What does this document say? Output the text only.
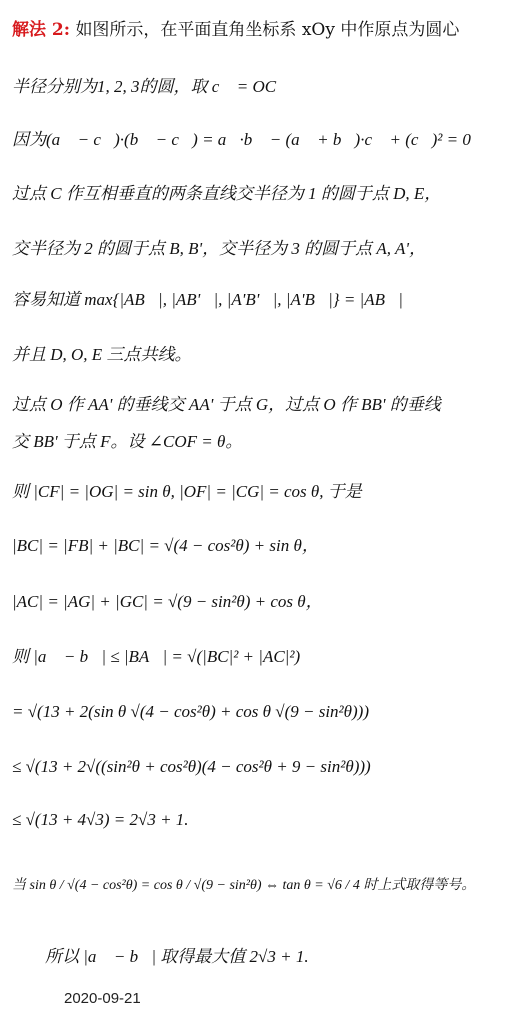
解法 2: 如图所示，在平面直角坐标系 xOy 中作原点为圆心
半径分别为1, 2, 3的圆，取 c⃗ = OC⃗，
因为(a⃗ − c⃗)·(b⃗ − c⃗) = a⃗·b⃗ − (a⃗ + b⃗)·c⃗ + (c⃗)² = 0，
过点 C 作互相垂直的两条直线交半径为 1 的圆于点 D, E，
交半径为 2 的圆于点 B, B'，交半径为 3 的圆于点 A, A'，
容易知道 max{|AB⃗|, |AB'⃗|, |A'B'⃗|, |A'B⃗|} = |AB⃗|，
并且 D, O, E 三点共线。
过点 O 作 AA' 的垂线交 AA' 于点 G，过点 O 作 BB' 的垂线
交 BB' 于点 F。设 ∠COF = θ。
则 |CF| = |OG| = sin θ, |OF| = |CG| = cos θ, 于是
|BC| = |FB| + |BC| = √(4 − cos²θ) + sin θ，
|AC| = |AG| + |GC| = √(9 − sin²θ) + cos θ，
则 |a⃗ − b⃗| ≤ |BA⃗| = √(|BC|² + |AC|²)
= √(13 + 2(sin θ √(4 − cos²θ) + cos θ √(9 − sin²θ)))
≤ √(13 + 2√((sin²θ + cos²θ)(4 − cos²θ + 9 − sin²θ)))
≤ √(13 + 4√3) = 2√3 + 1.
当 sin θ / √(4 − cos²θ) = cos θ / √(9 − sin²θ) ⇔ tan θ = √6 / 4 时上式取得等号。
所以 |a⃗ − b⃗| 取得最大值 2√3 + 1.
2020-09-21
